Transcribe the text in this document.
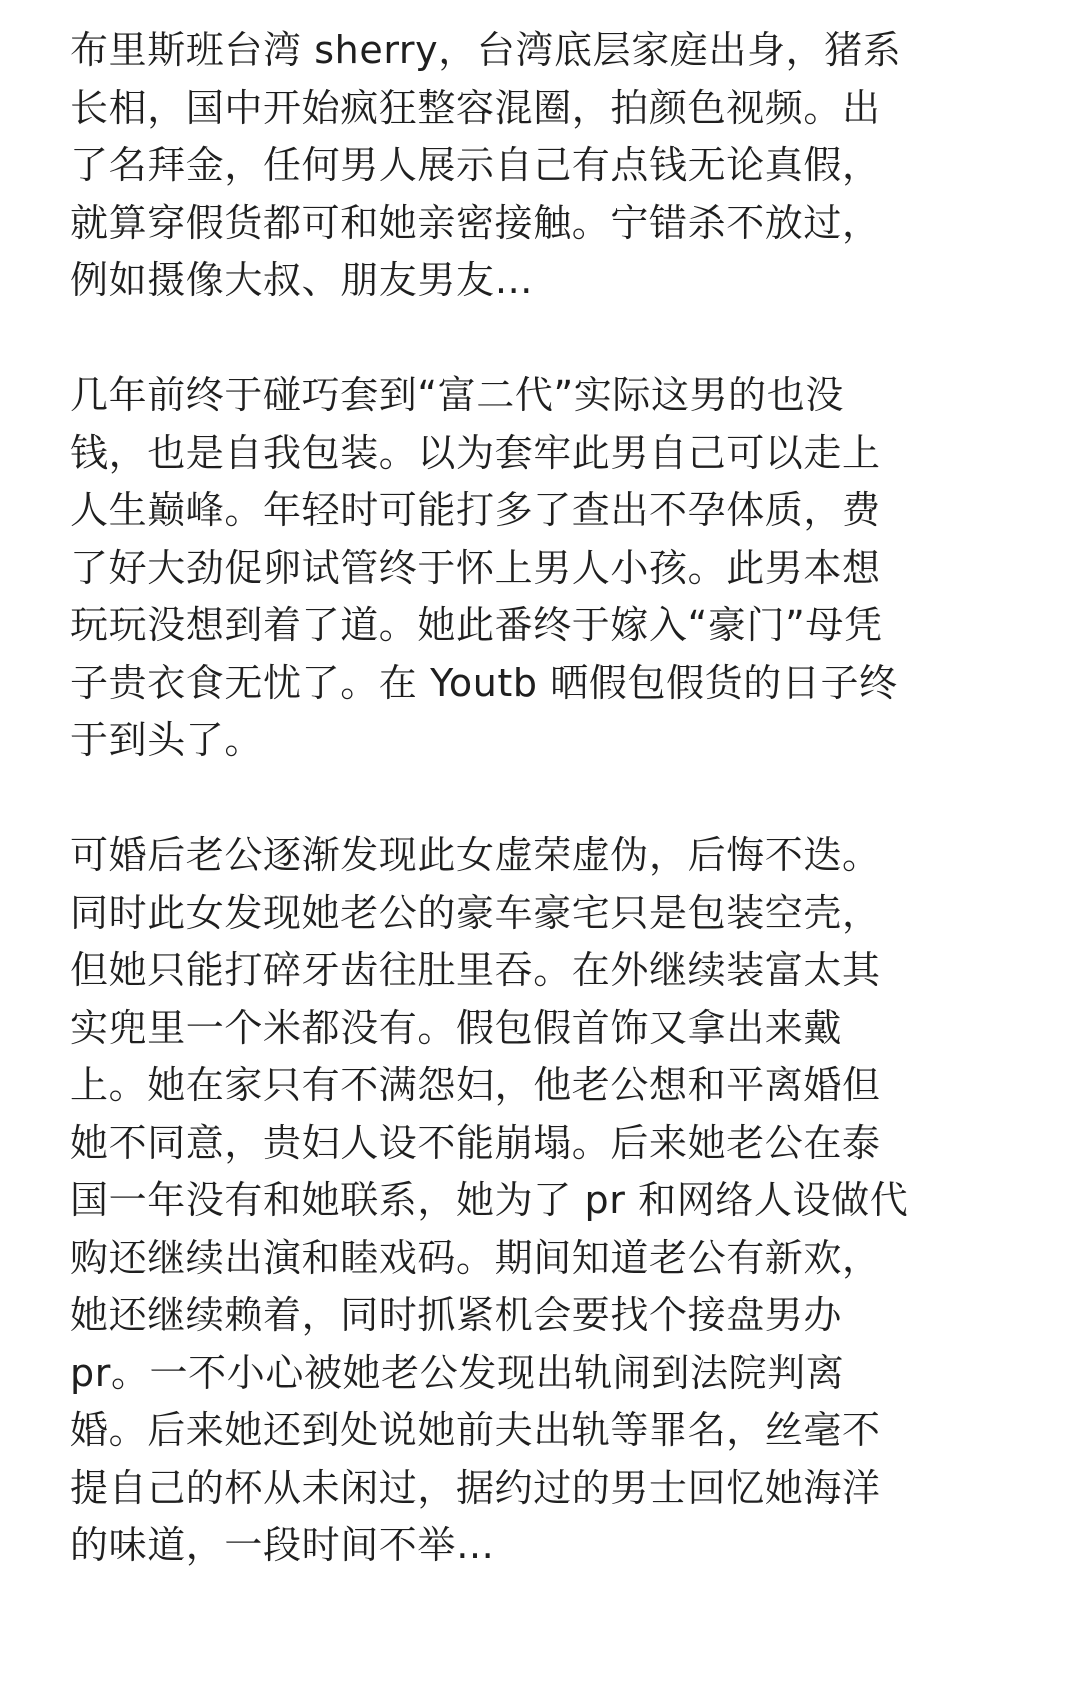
布里斯班台湾 sherry，台湾底层家庭出身，猪系
长相，国中开始疯狂整容混圈，拍颜色视频。出
了名拜金，任何男人展示自己有点钱无论真假，
就算穿假货都可和她亲密接触。宁错杀不放过，
例如摄像大叔、朋友男友…
几年前终于碰巧套到“富二代”实际这男的也没
钱，也是自我包装。以为套牢此男自己可以走上
人生巅峰。年轻时可能打多了查出不孕体质，费
了好大劲促卵试管终于怀上男人小孩。此男本想
玩玩没想到着了道。她此番终于嫁入“豪门”母凭
子贵衣食无忧了。在 Youtb 晒假包假货的日子终
于到头了。
可婚后老公逐渐发现此女虚荣虚伪，后悔不迭。
同时此女发现她老公的豪车豪宅只是包装空壳，
但她只能打碎牙齿往肚里吞。在外继续装富太其
实兜里一个米都没有。假包假首饰又拿出来戴
上。她在家只有不满怨妇，他老公想和平离婚但
她不同意，贵妇人设不能崩塌。后来她老公在泰
国一年没有和她联系，她为了 pr 和网络人设做代
购还继续出演和睦戏码。期间知道老公有新欢，
她还继续赖着，同时抓紧机会要找个接盘男办
pr。一不小心被她老公发现出轨闹到法院判离
婚。后来她还到处说她前夫出轨等罪名，丝毫不
提自己的杯从未闲过，据约过的男士回忆她海洋
的味道，一段时间不举…
